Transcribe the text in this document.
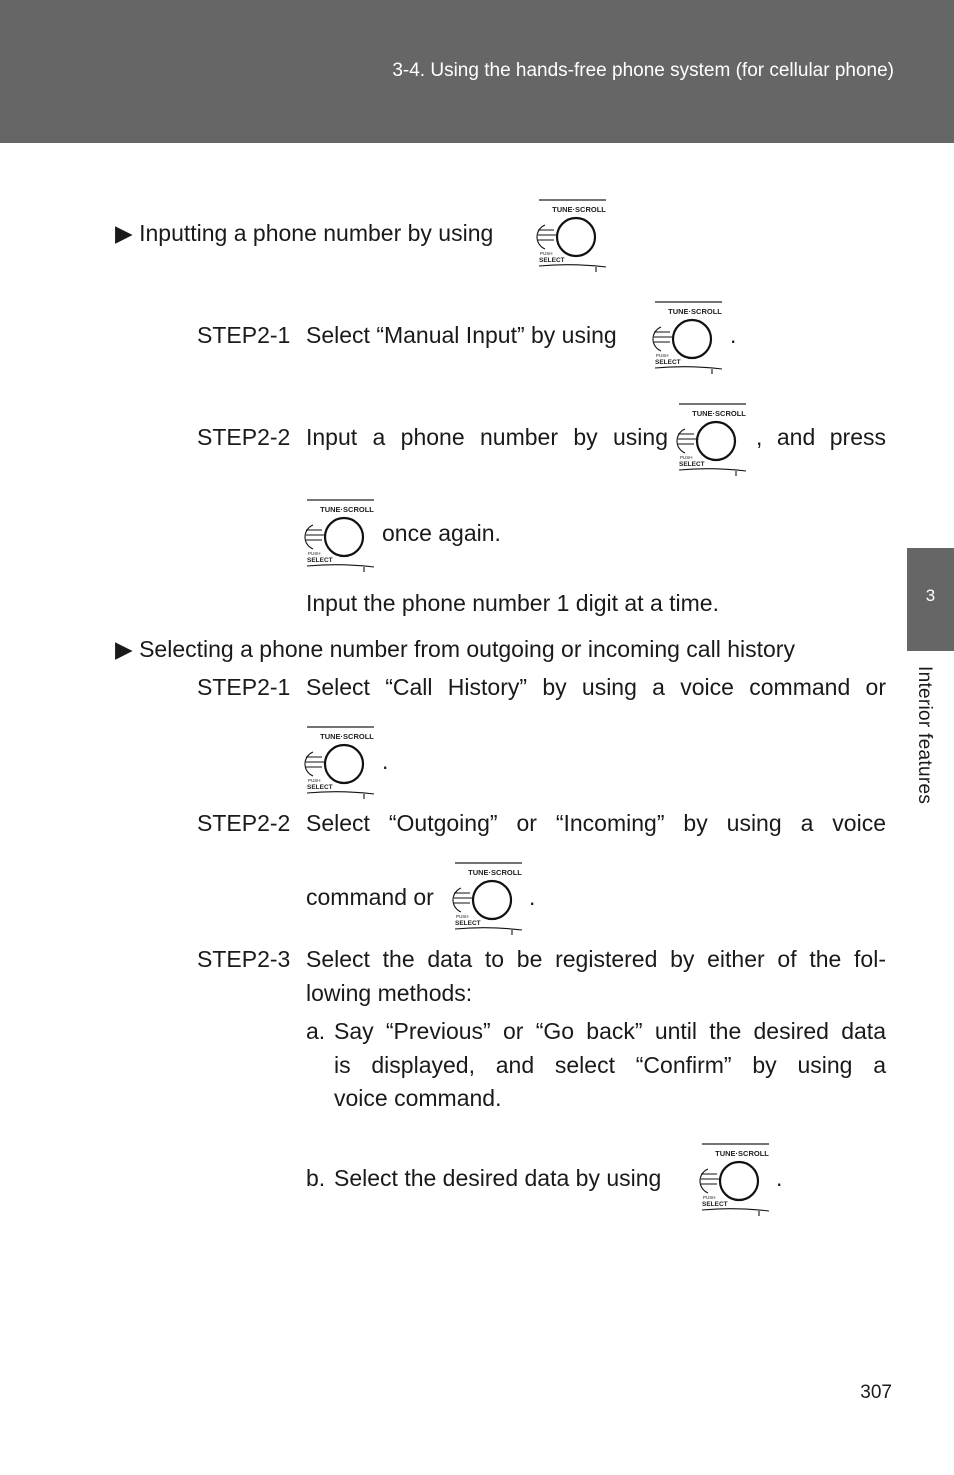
3-4. Using the hands-free phone system (for cellular phone)
3
Interior features
▶ Inputting a phone number by using
TUNE·SCROLL
PUSH
SELECT
STEP2-1 Select “Manual Input” by using
TUNE·SCROLL
PUSH
SELECT
.
STEP2-2 Input a phone number by using
TUNE·SCROLL
PUSH
SELECT
, and press
TUNE·SCROLL
PUSH
SELECT
once again.
Input the phone number 1 digit at a time.
▶ Selecting a phone number from outgoing or incoming call history
STEP2-1 Select “Call History” by using a voice command or
TUNE·SCROLL
PUSH
SELECT
.
STEP2-2 Select “Outgoing” or “Incoming” by using a voice
command or
TUNE·SCROLL
PUSH
SELECT
.
STEP2-3 Select the data to be registered by either of the fol-
lowing methods:
a. Say “Previous” or “Go back” until the desired data
is displayed, and select “Confirm” by using a
voice command.
b. Select the desired data by using
TUNE·SCROLL
PUSH
SELECT
.
307
